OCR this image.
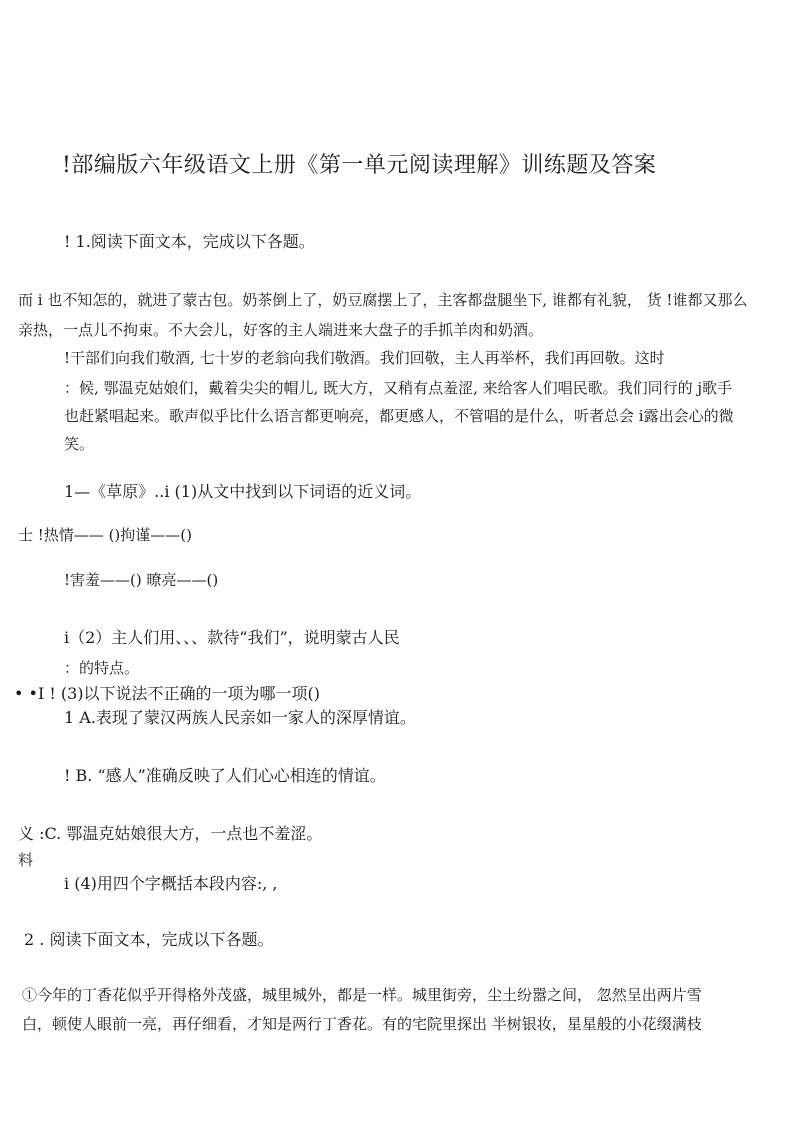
!部编版六年级语文上册《第一单元阅读理解》训练题及答案
! 1.阅读下面文本，完成以下各题。
而 i 也不知怎的，就进了蒙古包。奶茶倒上了，奶豆腐摆上了，主客都盘腿坐下, 谁都有礼貌， 货 !谁都又那么
亲热，一点儿不拘束。不大会儿，好客的主人端进来大盘子的手抓羊肉和奶酒。
!干部们向我们敬酒, 七十岁的老翁向我们敬酒。我们回敬，主人再举杯，我们再回敬。这时
：候, 鄂温克姑娘们，戴着尖尖的帽儿, 既大方，又稍有点羞涩, 来给客人们唱民歌。我们同行的 j歌手
也赶紧唱起来。歌声似乎比什么语言都更响亮，都更感人，不管唱的是什么，听者总会 i露出会心的微
笑。
1—《草原》..i (1)从文中找到以下词语的近义词。
士 !热情—— ()拘谨——()
!害羞——() 暸亮——()
i（2）主人们用、、、款待“我们”，说明蒙古人民
：的特点。
• •I ! (3)以下说法不正确的一项为哪一项()
1 A.表现了蒙汉两族人民亲如一家人的深厚情谊。
! B. “感人”准确反映了人们心心相连的情谊。
义 :C. 鄂温克姑娘很大方，一点也不羞涩。
料
i (4)用四个字概括本段内容:, ,
2 . 阅读下面文本，完成以下各题。
①今年的丁香花似乎开得格外茂盛，城里城外，都是一样。城里街旁，尘土纷嚣之间， 忽然呈出两片雪
白，顿使人眼前一亮，再仔细看，才知是两行丁香花。有的宅院里探出 半树银妆，星星般的小花缀满枝
